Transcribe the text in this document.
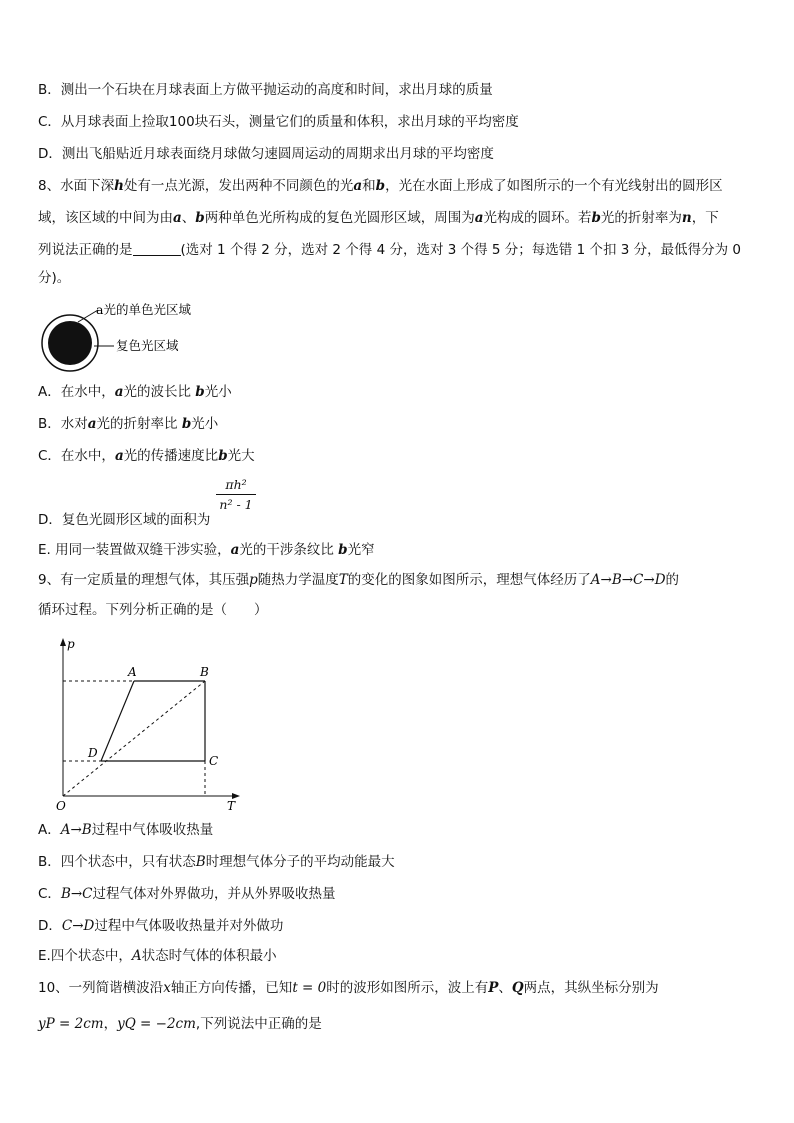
B．测出一个石块在月球表面上方做平抛运动的高度和时间，求出月球的质量
C．从月球表面上捡取100块石头，测量它们的质量和体积，求出月球的平均密度
D．测出飞船贴近月球表面绕月球做匀速圆周运动的周期求出月球的平均密度
8、水面下深h处有一点光源，发出两种不同颜色的光a和b，光在水面上形成了如图所示的一个有光线射出的圆形区
域，该区域的中间为由a、b两种单色光所构成的复色光圆形区域，周围为a光构成的圆环。若b光的折射率为n，下
列说法正确的是	(选对 1 个得 2 分，选对 2 个得 4 分，选对 3 个得 5 分；每选错 1 个扣 3 分，最低得分为 0
分)。
a光的单色光区域
复色光区域
A．在水中，a光的波长比 b光小
B．水对a光的折射率比 b光小
C．在水中，a光的传播速度比b光大
D．复色光圆形区域的面积为
$\frac{\text{πh²}}{\text{n² - 1}}$
E. 用同一装置做双缝干涉实验，a光的干涉条纹比 b光窄
9、有一定质量的理想气体，其压强p随热力学温度T的变化的图象如图所示，理想气体经历了A→B→C→D的
循环过程。下列分析正确的是（　　）
p
T
O
A	B
C
D
A．A→B过程中气体吸收热量
B．四个状态中，只有状态B时理想气体分子的平均动能最大
C．B→C过程气体对外界做功，并从外界吸收热量
D．C→D过程中气体吸收热量并对外做功
E.四个状态中，A状态时气体的体积最小
10、一列简谐横波沿x轴正方向传播，已知t = 0时的波形如图所示，波上有P、Q两点，其纵坐标分别为
yP = 2cm，yQ = −2cm,下列说法中正确的是
